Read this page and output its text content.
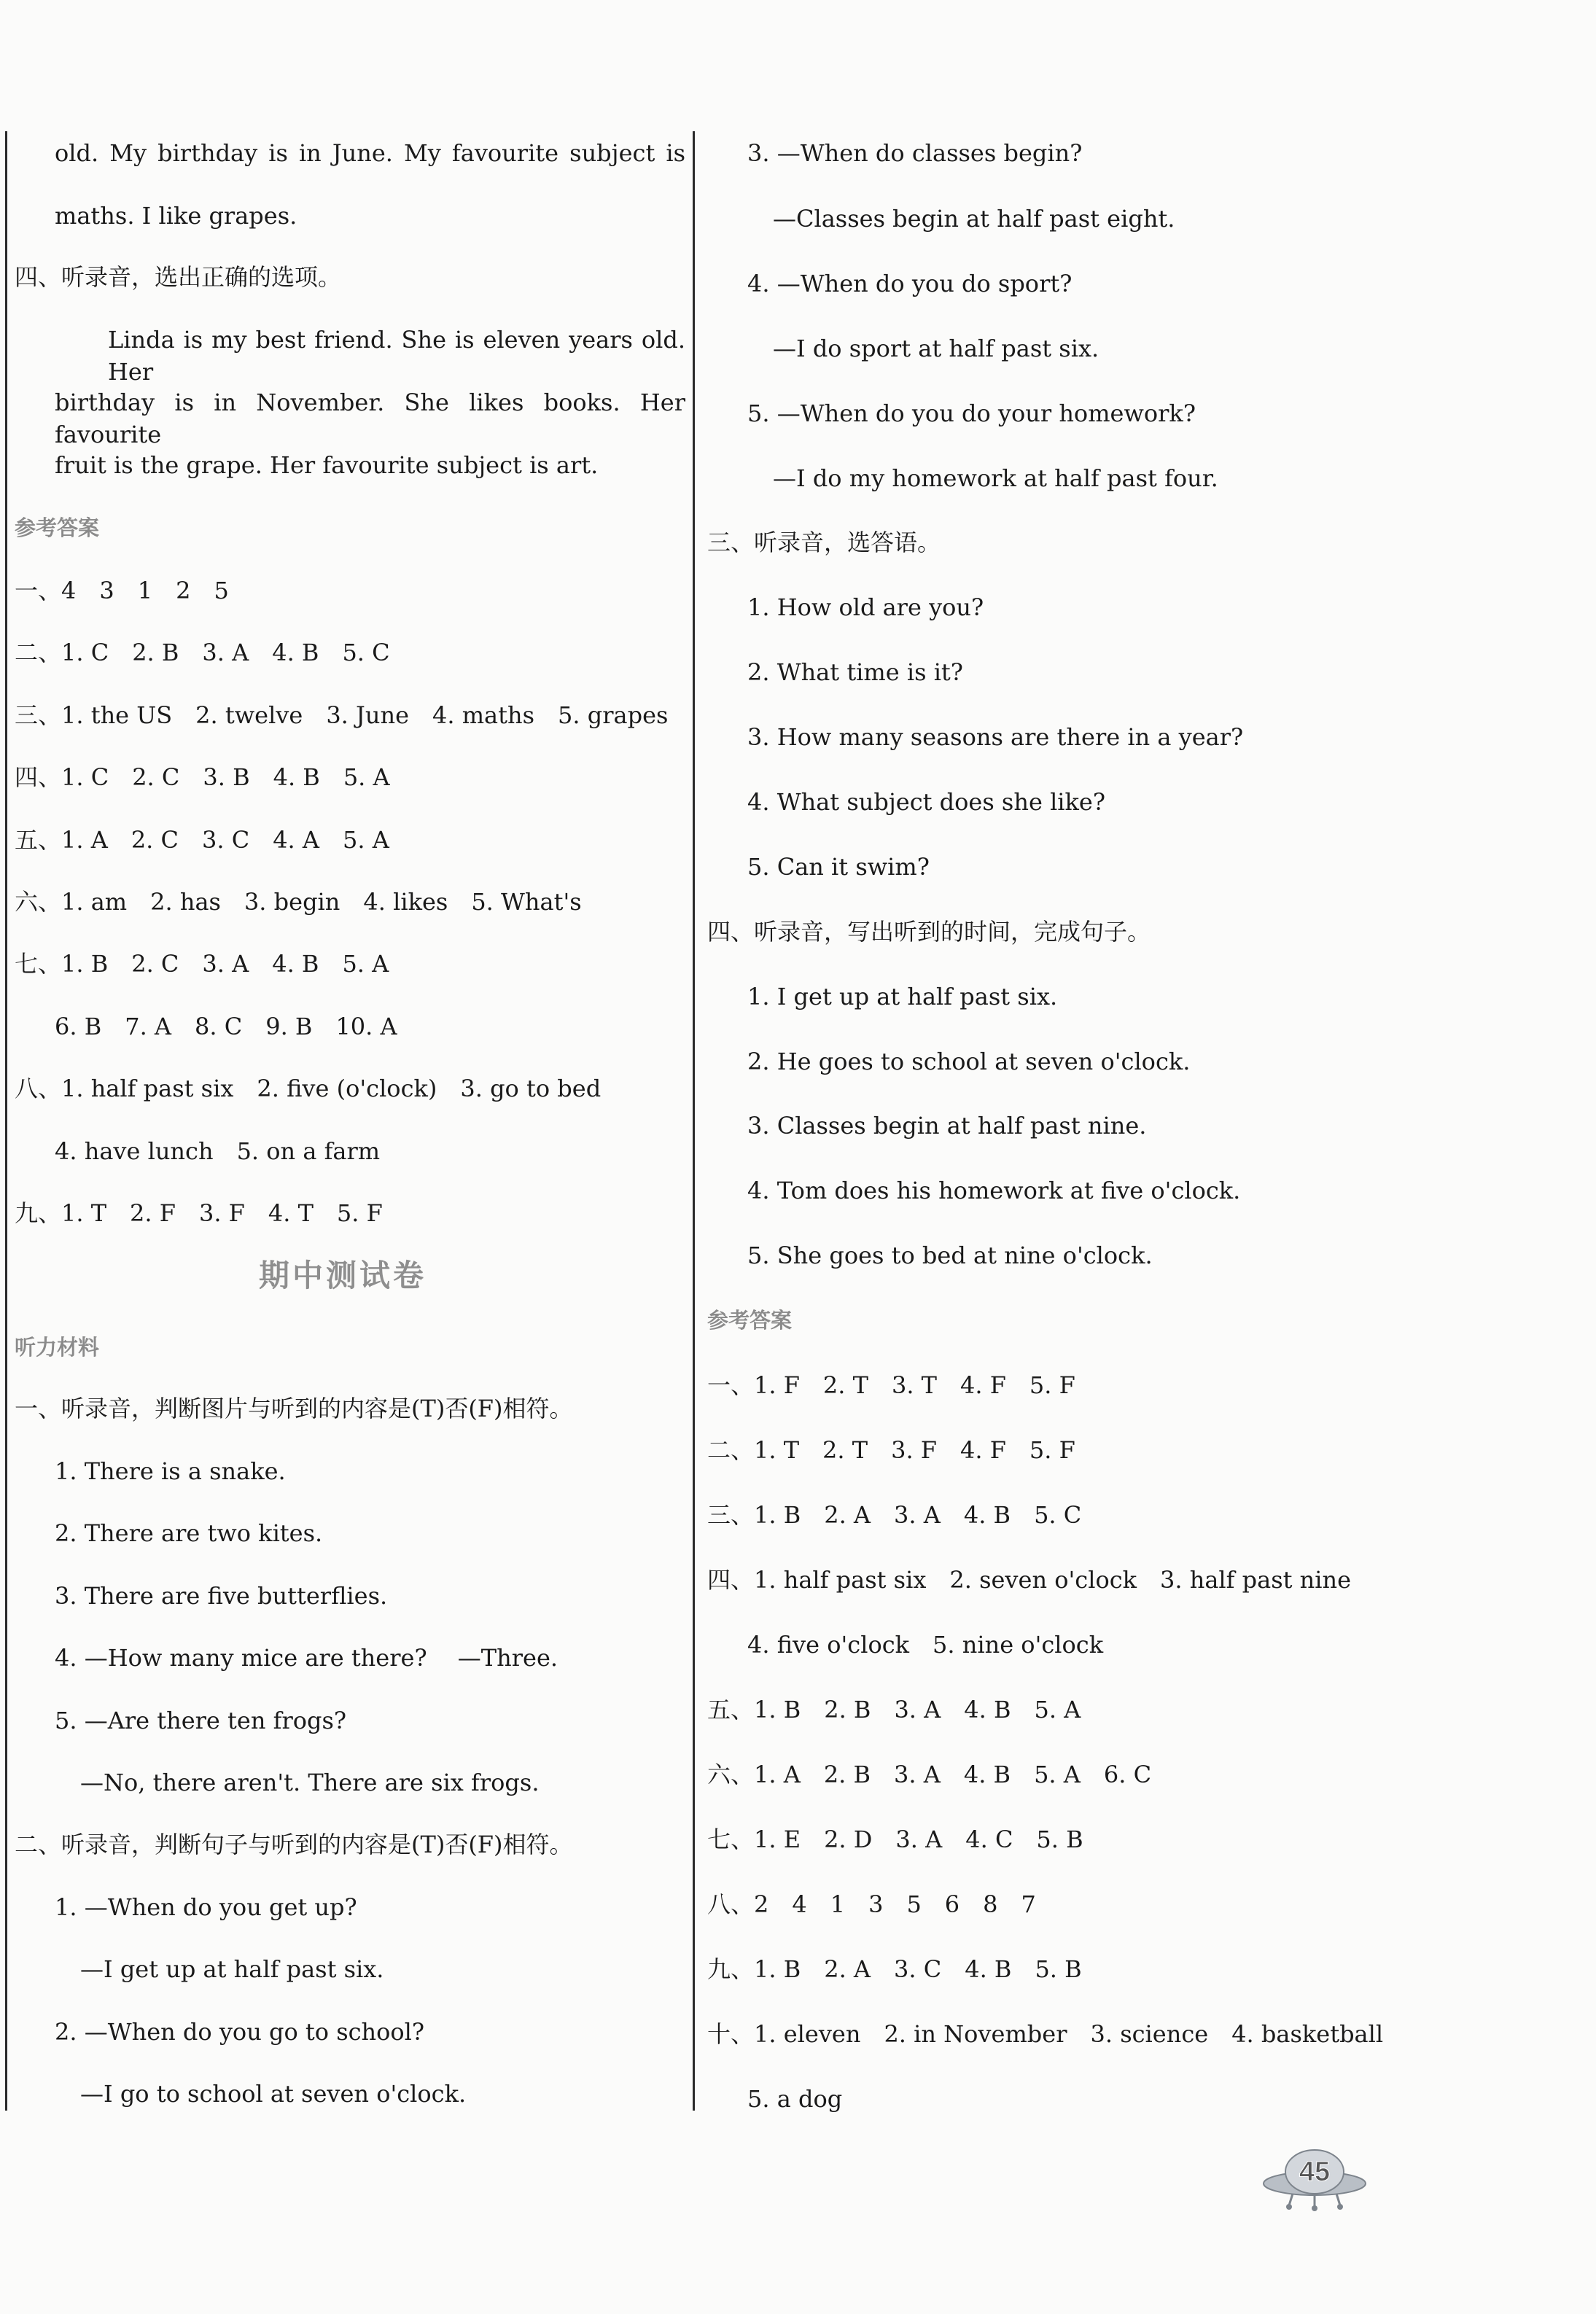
old. My birthday is in June. My favourite subject is
maths. I like grapes.
四、听录音，选出正确的选项。
Linda is my best friend. She is eleven years old. Her
birthday is in November. She likes books. Her favourite
fruit is the grape. Her favourite subject is art.
参考答案
一、4　3　1　2　5
二、1. C　2. B　3. A　4. B　5. C
三、1. the US　2. twelve　3. June　4. maths　5. grapes
四、1. C　2. C　3. B　4. B　5. A
五、1. A　2. C　3. C　4. A　5. A
六、1. am　2. has　3. begin　4. likes　5. What's
七、1. B　2. C　3. A　4. B　5. A
6. B　7. A　8. C　9. B　10. A
八、1. half past six　2. five (o'clock)　3. go to bed
4. have lunch　5. on a farm
九、1. T　2. F　3. F　4. T　5. F
期中测试卷
听力材料
一、听录音，判断图片与听到的内容是(T)否(F)相符。
1. There is a snake.
2. There are two kites.
3. There are five butterflies.
4. —How many mice are there?　 —Three.
5. —Are there ten frogs?
—No, there aren't. There are six frogs.
二、听录音，判断句子与听到的内容是(T)否(F)相符。
1. —When do you get up?
—I get up at half past six.
2. —When do you go to school?
—I go to school at seven o'clock.
3. —When do classes begin?
—Classes begin at half past eight.
4. —When do you do sport?
—I do sport at half past six.
5. —When do you do your homework?
—I do my homework at half past four.
三、听录音，选答语。
1. How old are you?
2. What time is it?
3. How many seasons are there in a year?
4. What subject does she like?
5. Can it swim?
四、听录音，写出听到的时间，完成句子。
1. I get up at half past six.
2. He goes to school at seven o'clock.
3. Classes begin at half past nine.
4. Tom does his homework at five o'clock.
5. She goes to bed at nine o'clock.
参考答案
一、1. F　2. T　3. T　4. F　5. F
二、1. T　2. T　3. F　4. F　5. F
三、1. B　2. A　3. A　4. B　5. C
四、1. half past six　2. seven o'clock　3. half past nine
4. five o'clock　5. nine o'clock
五、1. B　2. B　3. A　4. B　5. A
六、1. A　2. B　3. A　4. B　5. A　6. C
七、1. E　2. D　3. A　4. C　5. B
八、2　4　1　3　5　6　8　7
九、1. B　2. A　3. C　4. B　5. B
十、1. eleven　2. in November　3. science　4. basketball
5. a dog
45
